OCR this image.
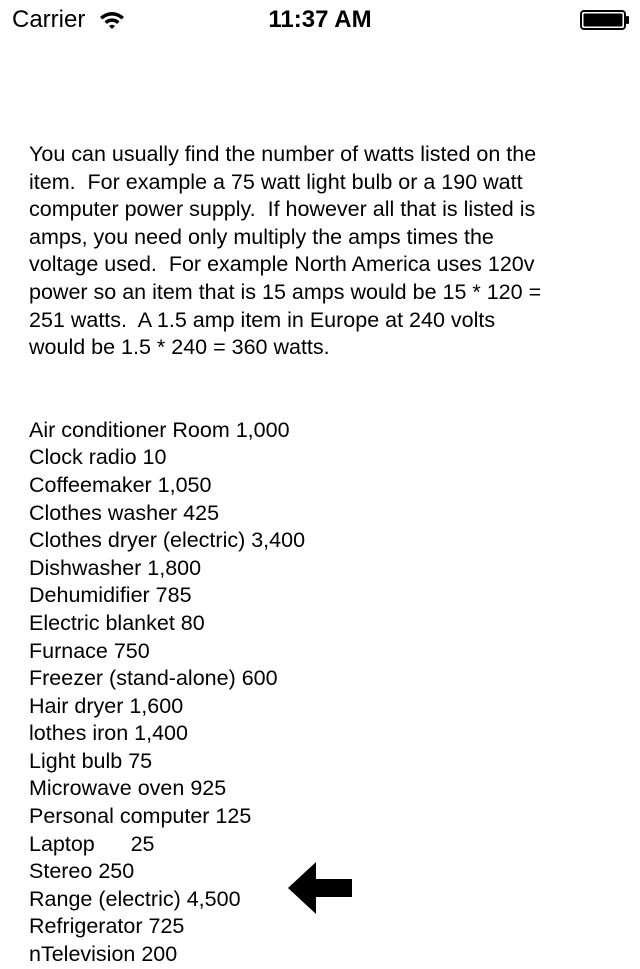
Carrier	11:37 AM

You can usually find the number of watts listed on the

item.  For example a 75 watt light bulb or a 190 watt

computer power supply.  If however all that is listed is

amps, you need only multiply the amps times the

voltage used.  For example North America uses 120v

power so an item that is 15 amps would be 15 * 120 =

251 watts.  A 1.5 amp item in Europe at 240 volts

would be 1.5 * 240 = 360 watts.

Air conditioner Room 1,000
Clock radio 10
Coffeemaker 1,050
Clothes washer 425
Clothes dryer (electric) 3,400
Dishwasher 1,800
Dehumidifier 785
Electric blanket 80
Furnace 750
Freezer (stand-alone) 600
Hair dryer 1,600
lothes iron 1,400
Light bulb 75
Microwave oven 925
Personal computer 125
Laptop      25
Stereo 250
Range (electric) 4,500
Refrigerator 725
nTelevision 200
